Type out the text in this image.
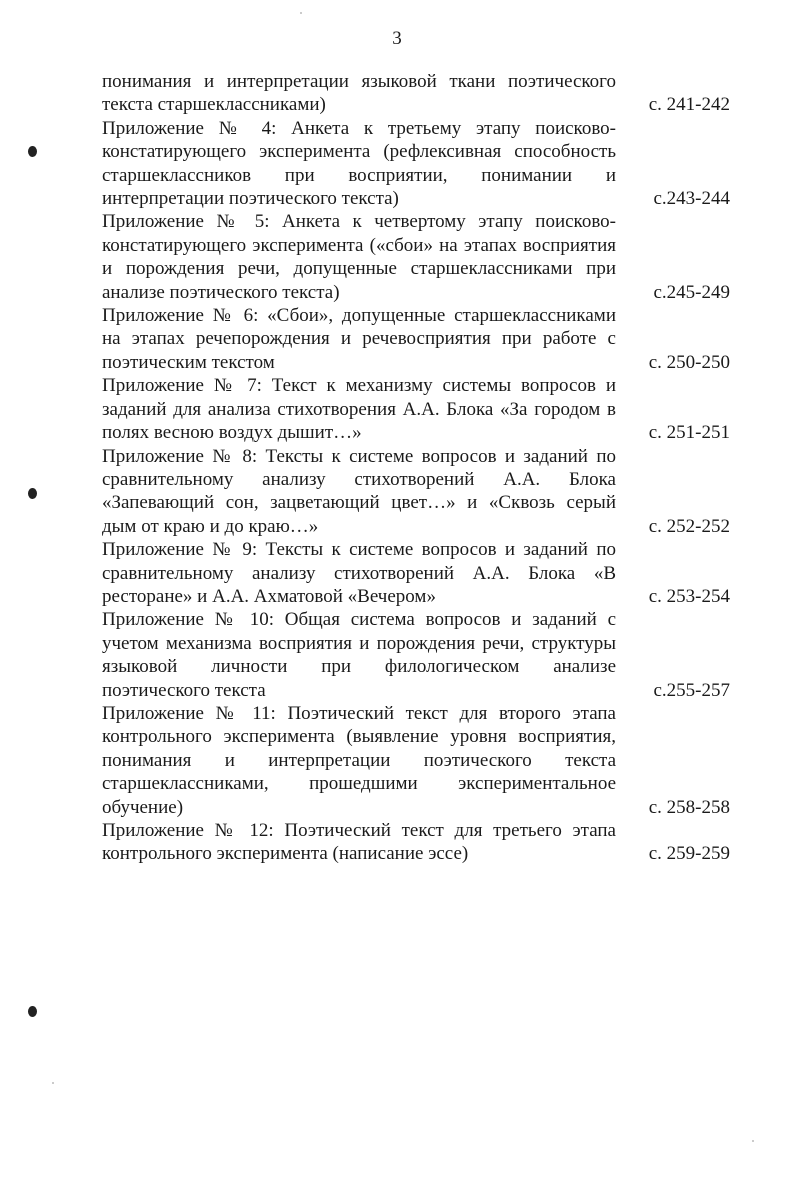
3
понимания и интерпретации языковой ткани поэтического
текста старшеклассниками)	с. 241-242
Приложение № 4: Анкета к третьему этапу поисково-
констатирующего эксперимента (рефлексивная способность
старшеклассников при восприятии, понимании и
интерпретации поэтического текста)	с.243-244
Приложение № 5: Анкета к четвертому этапу поисково-
констатирующего эксперимента («сбои» на этапах восприятия
и порождения речи, допущенные старшеклассниками при
анализе поэтического текста)	с.245-249
Приложение № 6: «Сбои», допущенные старшеклассниками
на этапах речепорождения и речевосприятия при работе с
поэтическим текстом	с. 250-250
Приложение № 7: Текст к механизму системы вопросов и
заданий для анализа стихотворения А.А. Блока «За городом в
полях весною воздух дышит…»	с. 251-251
Приложение № 8: Тексты к системе вопросов и заданий по
сравнительному анализу стихотворений А.А. Блока
«Запевающий сон, зацветающий цвет…» и «Сквозь серый
дым от краю и до краю…»	с. 252-252
Приложение № 9: Тексты к системе вопросов и заданий по
сравнительному анализу стихотворений А.А. Блока «В
ресторане» и А.А. Ахматовой «Вечером»	с. 253-254
Приложение № 10: Общая система вопросов и заданий с
учетом механизма восприятия и порождения речи, структуры
языковой личности при филологическом анализе
поэтического текста	с.255-257
Приложение № 11: Поэтический текст для второго этапа
контрольного эксперимента (выявление уровня восприятия,
понимания и интерпретации поэтического текста
старшеклассниками, прошедшими экспериментальное
обучение)	с. 258-258
Приложение № 12: Поэтический текст для третьего этапа
контрольного эксперимента (написание эссе)	с. 259-259
